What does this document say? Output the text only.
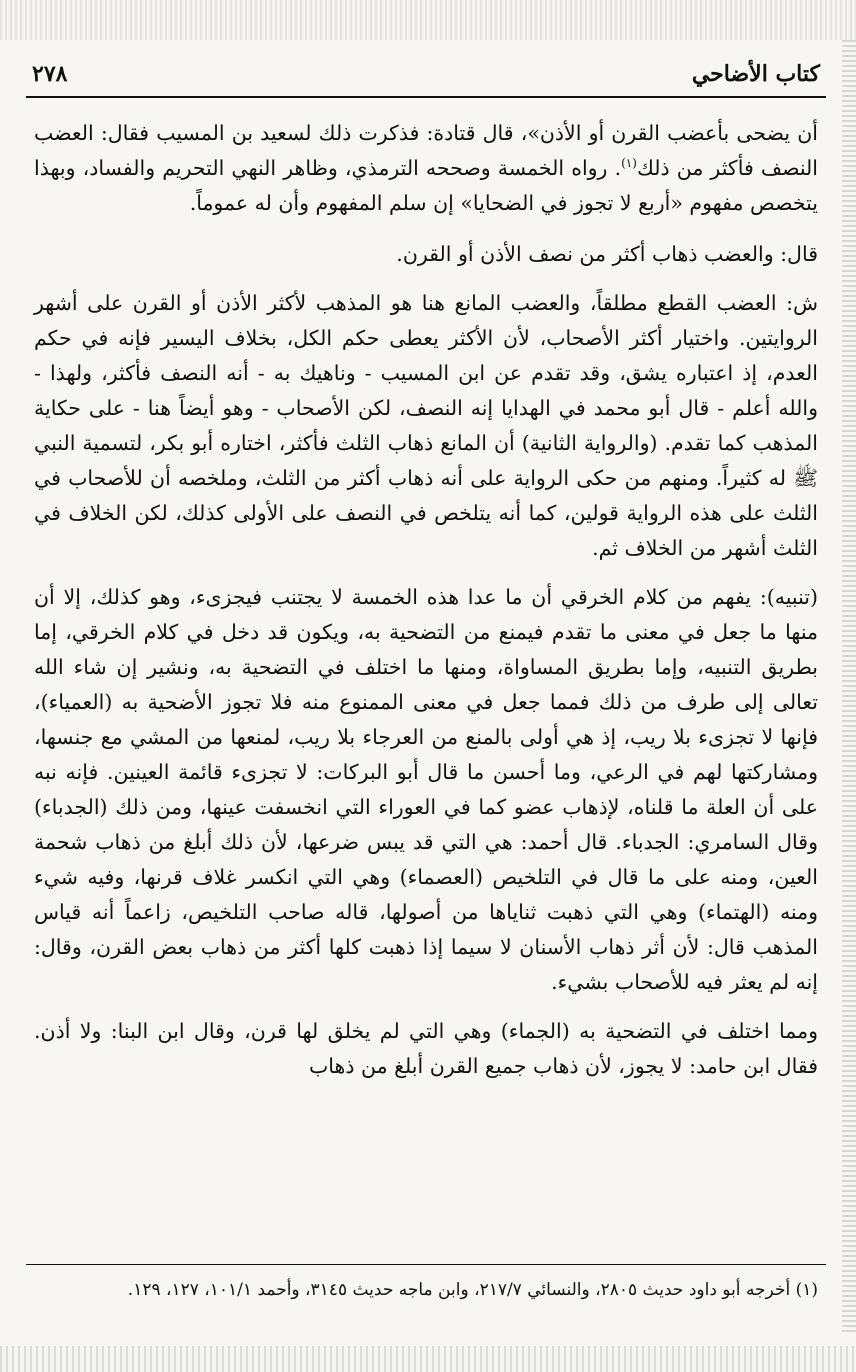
كتاب الأضاحي
٢٧٨

أن يضحى بأعضب القرن أو الأذن»، قال قتادة: فذكرت ذلك لسعيد بن المسيب فقال: العضب النصف فأكثر من ذلك$^{(١)}$. رواه الخمسة وصححه الترمذي، وظاهر النهي التحريم والفساد، وبهذا يتخصص مفهوم «أربع لا تجوز في الضحايا» إن سلم المفهوم وأن له عموماً.

قال: والعضب ذهاب أكثر من نصف الأذن أو القرن.

ش: العضب القطع مطلقاً، والعضب المانع هنا هو المذهب لأكثر الأذن أو القرن على أشهر الروايتين. واختيار أكثر الأصحاب، لأن الأكثر يعطى حكم الكل، بخلاف اليسير فإنه في حكم العدم، إذ اعتباره يشق، وقد تقدم عن ابن المسيب - وناهيك به - أنه النصف فأكثر، ولهذا - والله أعلم - قال أبو محمد في الهدايا إنه النصف، لكن الأصحاب - وهو أيضاً هنا - على حكاية المذهب كما تقدم. (والرواية الثانية) أن المانع ذهاب الثلث فأكثر، اختاره أبو بكر، لتسمية النبي ﷺ له كثيراً. ومنهم من حكى الرواية على أنه ذهاب أكثر من الثلث، وملخصه أن للأصحاب في الثلث على هذه الرواية قولين، كما أنه يتلخص في النصف على الأولى كذلك، لكن الخلاف في الثلث أشهر من الخلاف ثم.

(تنبيه): يفهم من كلام الخرقي أن ما عدا هذه الخمسة لا يجتنب فيجزىء، وهو كذلك، إلا أن منها ما جعل في معنى ما تقدم فيمنع من التضحية به، ويكون قد دخل في كلام الخرقي، إما بطريق التنبيه، وإما بطريق المساواة، ومنها ما اختلف في التضحية به، ونشير إن شاء الله تعالى إلى طرف من ذلك فمما جعل في معنى الممنوع منه فلا تجوز الأضحية به (العمياء)، فإنها لا تجزىء بلا ريب، إذ هي أولى بالمنع من العرجاء بلا ريب، لمنعها من المشي مع جنسها، ومشاركتها لهم في الرعي، وما أحسن ما قال أبو البركات: لا تجزىء قائمة العينين. فإنه نبه على أن العلة ما قلناه، لإذهاب عضو كما في العوراء التي انخسفت عينها، ومن ذلك (الجدباء) وقال السامري: الجدباء. قال أحمد: هي التي قد يبس ضرعها، لأن ذلك أبلغ من ذهاب شحمة العين، ومنه على ما قال في التلخيص (العصماء) وهي التي انكسر غلاف قرنها، وفيه شيء ومنه (الهتماء) وهي التي ذهبت ثناياها من أصولها، قاله صاحب التلخيص، زاعماً أنه قياس المذهب قال: لأن أثر ذهاب الأسنان لا سيما إذا ذهبت كلها أكثر من ذهاب بعض القرن، وقال: إنه لم يعثر فيه للأصحاب بشيء.

ومما اختلف في التضحية به (الجماء) وهي التي لم يخلق لها قرن، وقال ابن البنا: ولا أذن. فقال ابن حامد: لا يجوز، لأن ذهاب جميع القرن أبلغ من ذهاب

(١) أخرجه أبو داود حديث ٢٨٠٥، والنسائي ٢١٧/٧، وابن ماجه حديث ٣١٤٥، وأحمد ١٠١/١، ١٢٧، ١٢٩.
